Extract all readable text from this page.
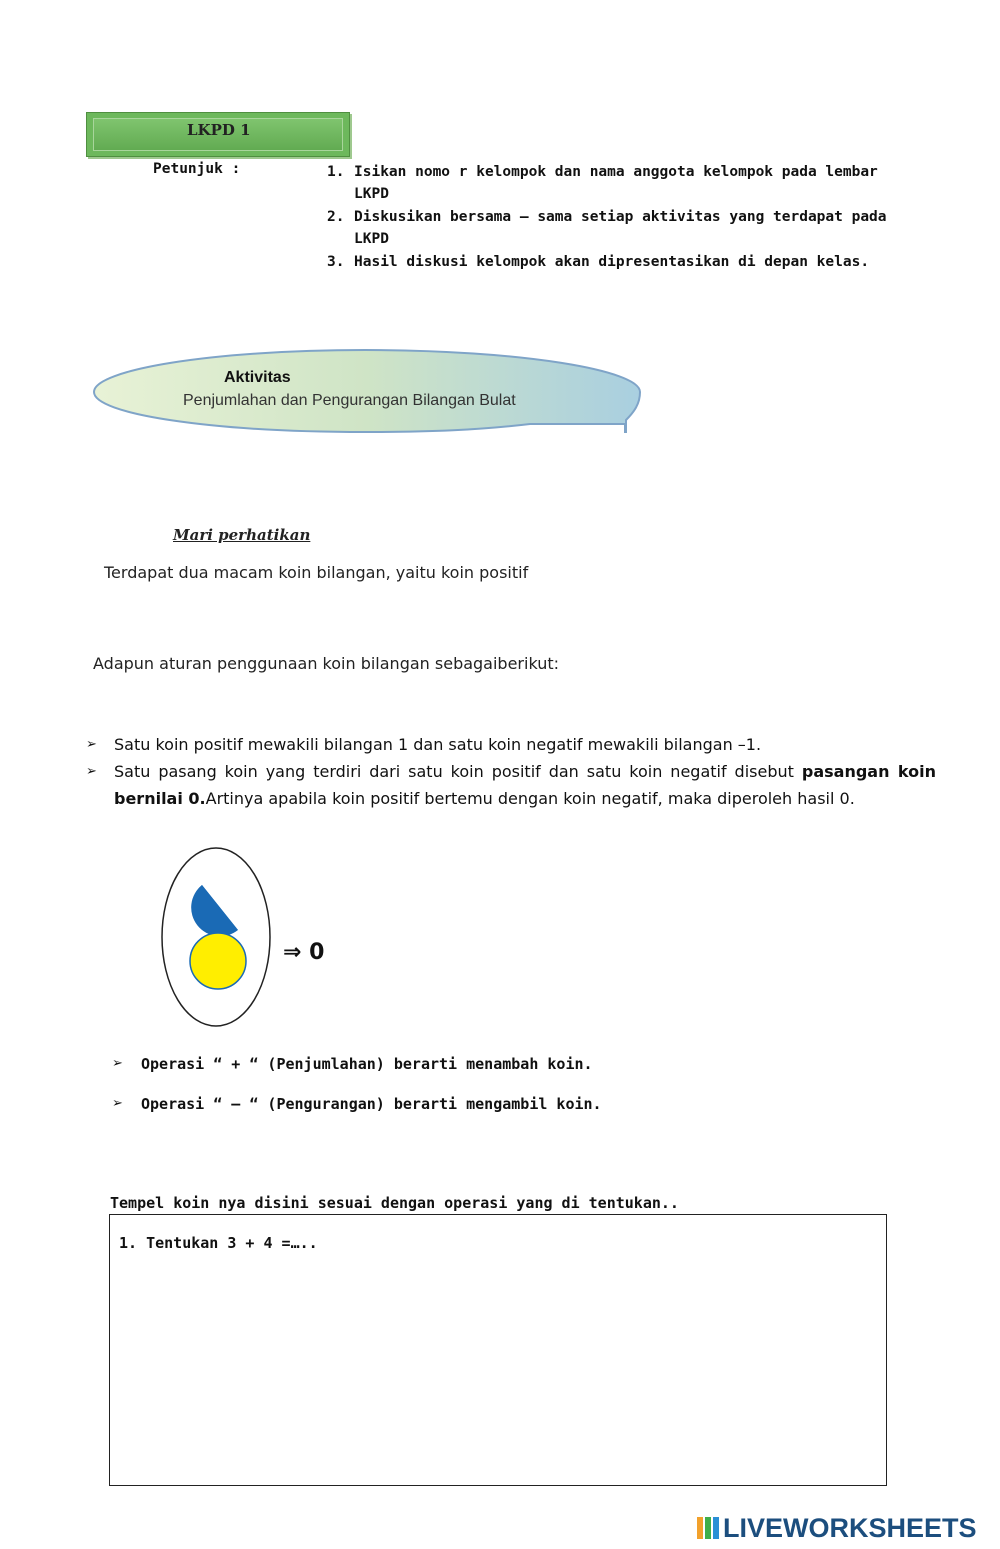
LKPD 1
Petunjuk :	1. Isikan nomo r kelompok dan nama anggota kelompok pada lembar LKPD
2. Diskusikan bersama – sama setiap aktivitas yang terdapat pada LKPD
3. Hasil diskusi kelompok akan dipresentasikan di depan kelas.
Aktivitas
Penjumlahan dan Pengurangan Bilangan Bulat
Mari perhatikan
Terdapat dua macam koin bilangan, yaitu koin positif
Adapun aturan penggunaan koin bilangan sebagaiberikut:
➢ Satu koin positif mewakili bilangan 1 dan satu koin negatif mewakili bilangan –1.
➢ Satu pasang koin yang terdiri dari satu koin positif dan satu koin negatif disebut pasangan koin bernilai 0.Artinya apabila koin positif bertemu dengan koin negatif, maka diperoleh hasil 0.
⇒ 0
➢ Operasi “ + “ (Penjumlahan) berarti menambah koin.
➢ Operasi “ – “ (Pengurangan) berarti mengambil koin.
Tempel koin nya disini sesuai dengan operasi yang di tentukan..
1. Tentukan 3 + 4 =…..
LIVEWORKSHEETS
